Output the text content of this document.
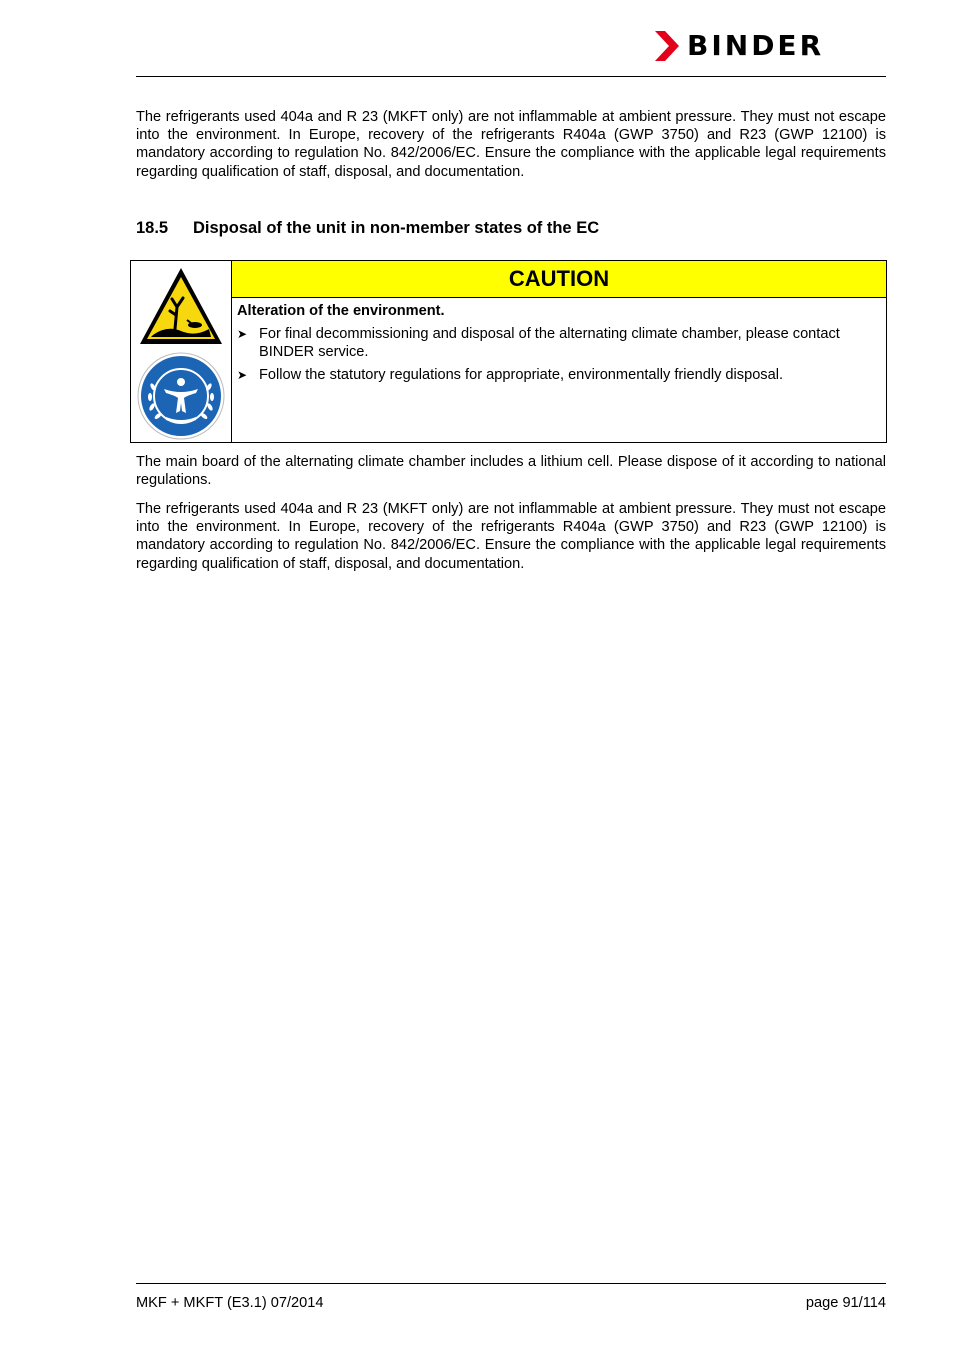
BINDER

The refrigerants used 404a and R 23 (MKFT only) are not inflammable at ambient pressure. They must not escape into the environment. In Europe, recovery of the refrigerants R404a (GWP 3750) and R23 (GWP 12100) is mandatory according to regulation No. 842/2006/EC. Ensure the compliance with the applicable legal requirements regarding qualification of staff, disposal, and documentation.

18.5 Disposal of the unit in non-member states of the EC
	CAUTION

Alteration of the environment.
➤ For final decommissioning and disposal of the alternating climate chamber, please contact BINDER service.
➤ Follow the statutory regulations for appropriate, environmentally friendly disposal.

The main board of the alternating climate chamber includes a lithium cell. Please dispose of it according to national regulations.

The refrigerants used 404a and R 23 (MKFT only) are not inflammable at ambient pressure. They must not escape into the environment. In Europe, recovery of the refrigerants R404a (GWP 3750) and R23 (GWP 12100) is mandatory according to regulation No. 842/2006/EC. Ensure the compliance with the applicable legal requirements regarding qualification of staff, disposal, and documentation.

MKF + MKFT (E3.1) 07/2014	page 91/114
